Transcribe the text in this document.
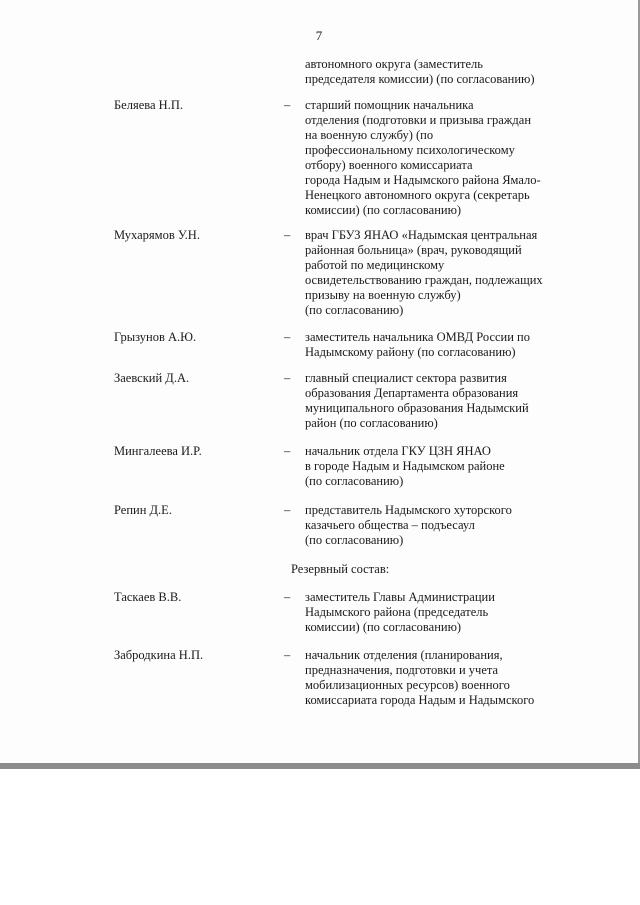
7
автономного округа (заместитель
председателя комиссии) (по согласованию)
Беляева Н.П.	– старший помощник начальника
отделения (подготовки и призыва граждан
на военную службу) (по
профессиональному психологическому
отбору) военного комиссариата
города Надым и Надымского района Ямало-
Ненецкого автономного округа (секретарь
комиссии) (по согласованию)
Мухарямов У.Н.	– врач ГБУЗ ЯНАО «Надымская центральная
районная больница» (врач, руководящий
работой по медицинскому
освидетельствованию граждан, подлежащих
призыву на военную службу)
(по согласованию)
Грызунов А.Ю.	– заместитель начальника ОМВД России по
Надымскому району (по согласованию)
Заевский Д.А.	– главный специалист сектора развития
образования Департамента образования
муниципального образования Надымский
район (по согласованию)
Мингалеева И.Р.	– начальник отдела ГКУ ЦЗН ЯНАО
в городе Надым и Надымском районе
(по согласованию)
Репин Д.Е.	– представитель Надымского хуторского
казачьего общества – подъесаул
(по согласованию)
Резервный состав:
Таскаев В.В.	– заместитель Главы Администрации
Надымского района (председатель
комиссии) (по согласованию)
Забродкина Н.П.	– начальник отделения (планирования,
предназначения, подготовки и учета
мобилизационных ресурсов) военного
комиссариата города Надым и Надымского
